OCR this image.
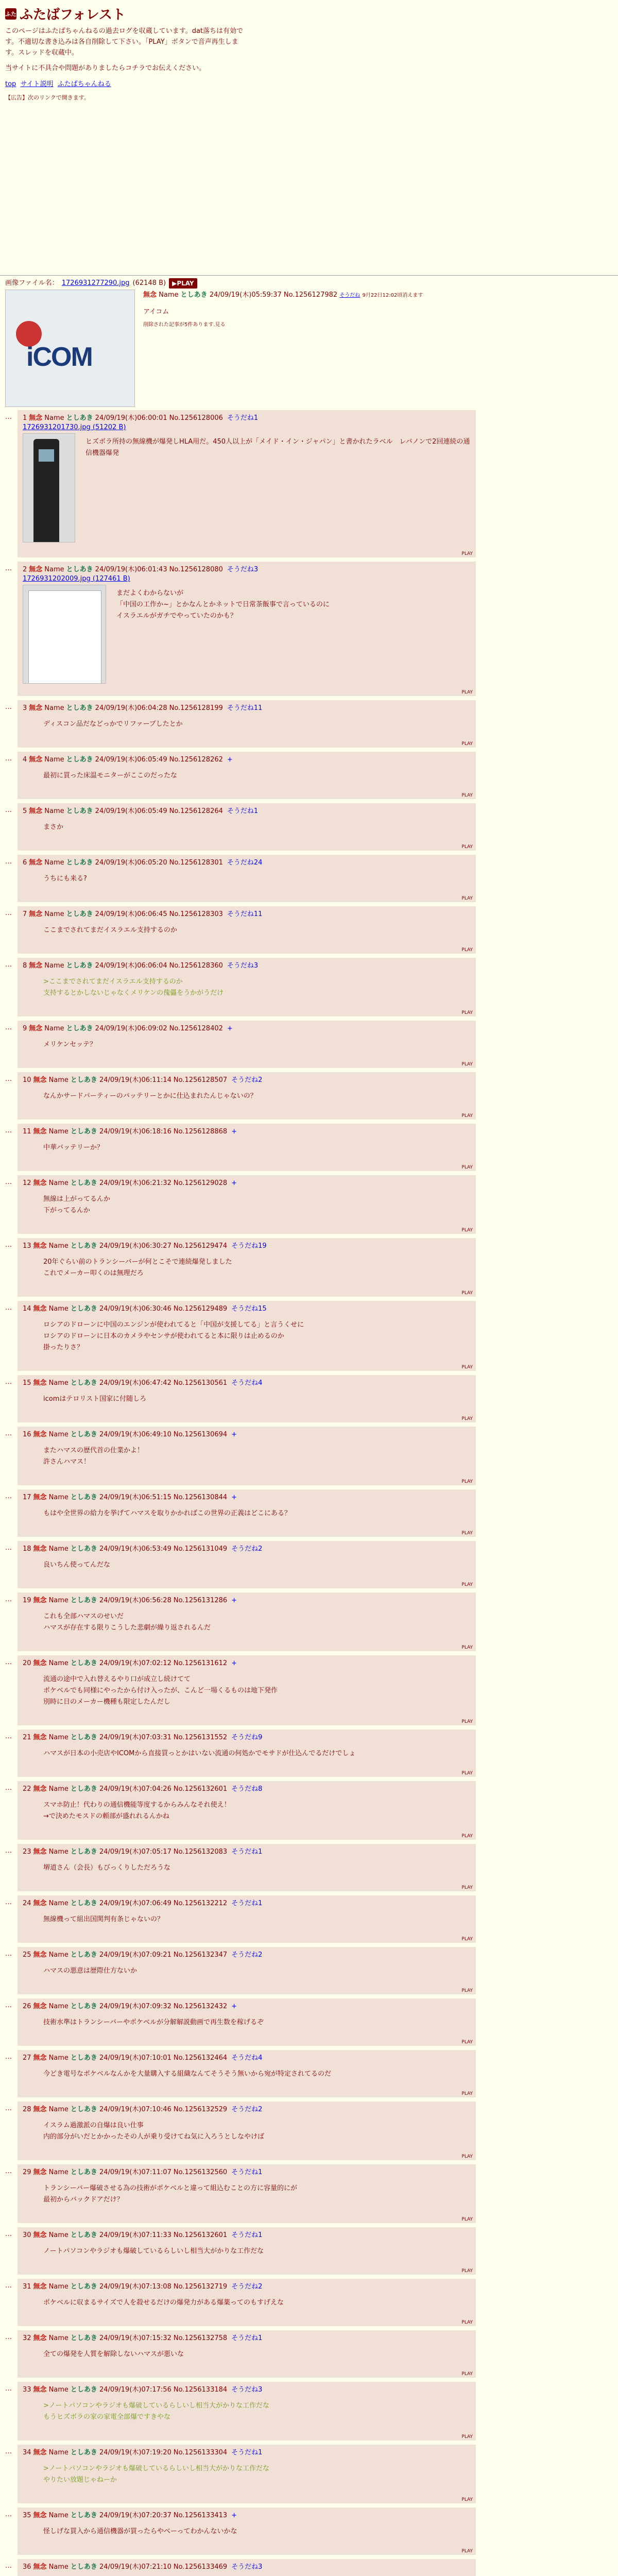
ふた ふたばフォレスト
このページはふたばちゃんねるの過去ログを収蔵しています。dat落ちは有効です。不適切な書き込みは各自削除して下さい。「PLAY」ボタンで音声再生します。スレッドを収蔵中。
当サイトに不具合や問題がありましたらコチラでお伝えください。
top サイト説明 ふたばちゃんねる
【広告】次のリンクで開きます。
画像ファイル名： 1726931277290.jpg (62148 B)	▶PLAY
iCOM
無念 Name としあき 24/09/19(木)05:59:37 No.1256127982 そうだね 9月22日12:02頃消えます
アイコム
削除された記事が5件あります.見る
…	1 無念 Name としあき 24/09/19(木)06:00:01 No.1256128006 そうだね1
1726931201730.jpg (51202 B)
ヒズボラ所持の無線機が爆発しHLA用だ。450人以上が「メイド・イン・ジャパン」と書かれたラベル　レバノンで2回連続の通信機器爆発
PLAY
…	2 無念 Name としあき 24/09/19(木)06:01:43 No.1256128080 そうだね3
1726931202009.jpg (127461 B)
まだよくわからないが
「中国の工作か~」とかなんとかネットで日常茶飯事で言っているのに
イスラエルがガチでやっていたのかも？
PLAY
…	3 無念 Name としあき 24/09/19(木)06:04:28 No.1256128199 そうだね11
ディスコン品だなどっかでリファーブしたとか
PLAY
…	4 無念 Name としあき 24/09/19(木)06:05:49 No.1256128262 +
最初に買った床温モニターがここのだったな
PLAY
…	5 無念 Name としあき 24/09/19(木)06:05:49 No.1256128264 そうだね1
まさか
PLAY
…	6 無念 Name としあき 24/09/19(木)06:05:20 No.1256128301 そうだね24
うちにも来る?
PLAY
…	7 無念 Name としあき 24/09/19(木)06:06:45 No.1256128303 そうだね11
ここまでされてまだイスラエル支持するのか
PLAY
…	8 無念 Name としあき 24/09/19(木)06:06:04 No.1256128360 そうだね3
>ここまでされてまだイスラエル支持するのか
支持するとかしないじゃなくメリケンの傀儡をうかがうだけ
PLAY
…	9 無念 Name としあき 24/09/19(木)06:09:02 No.1256128402 +
メリケンセッテ？
PLAY
…	10 無念 Name としあき 24/09/19(木)06:11:14 No.1256128507 そうだね2
なんかサードパーティーのバッテリーとかに仕込まれたんじゃないの？
PLAY
…	11 無念 Name としあき 24/09/19(木)06:18:16 No.1256128868 +
中華バッテリーか？
PLAY
…	12 無念 Name としあき 24/09/19(木)06:21:32 No.1256129028 +
無線は上がってるんか
下がってるんか
PLAY
…	13 無念 Name としあき 24/09/19(木)06:30:27 No.1256129474 そうだね19
20年ぐらい前のトランシーバーが何とこそで連続爆発しました
これでメーカー叩くのは無理だろ
PLAY
…	14 無念 Name としあき 24/09/19(木)06:30:46 No.1256129489 そうだね15
ロシアのドローンに中国のエンジンが使われてると「中国が支援してる」と言うくせに
ロシアのドローンに日本のカメラやセンサが使われてると本に限りは止めるのか
掛ったりさ？
PLAY
…	15 無念 Name としあき 24/09/19(木)06:47:42 No.1256130561 そうだね4
icomはテロリスト国家に付随しろ
PLAY
…	16 無念 Name としあき 24/09/19(木)06:49:10 No.1256130694 +
またハマスの歴代首の仕業かよ！
許さんハマス！
PLAY
…	17 無念 Name としあき 24/09/19(木)06:51:15 No.1256130844 +
もはや全世界の給力を挙げてハマスを取りかかればこの世界の正義はどこにある？
PLAY
…	18 無念 Name としあき 24/09/19(木)06:53:49 No.1256131049 そうだね2
良いちん使ってんだな
PLAY
…	19 無念 Name としあき 24/09/19(木)06:56:28 No.1256131286 +
これも全部ハマスのせいだ
ハマスが存在する限りこうした悲劇が繰り返されるんだ
PLAY
…	20 無念 Name としあき 24/09/19(木)07:02:12 No.1256131612 +
流通の途中で入れ替えるやり口が成立し続けてて
ポケベルでも同様にやったから付け入ったが、こんど一場くるものは地下発作
別時に日のメーカー機種も限定したんだし
PLAY
…	21 無念 Name としあき 24/09/19(木)07:03:31 No.1256131552 そうだね9
ハマスが日本の小売店やICOMから直接買っとかはいない流通の何処かでモサドが仕込んでるだけでしょ
PLAY
…	22 無念 Name としあき 24/09/19(木)07:04:26 No.1256132601 そうだね8
スマホ防止！代わりの通信機能等度するからみんなそれ使え！
→で決めたモスドの頼部が盛れれるんかね
PLAY
…	23 無念 Name としあき 24/09/19(木)07:05:17 No.1256132083 そうだね1
堺道さん（会長）もびっくりしただろうな
PLAY
…	24 無念 Name としあき 24/09/19(木)07:06:49 No.1256132212 そうだね1
無線機って組出国関判有条じゃないの？
PLAY
…	25 無念 Name としあき 24/09/19(木)07:09:21 No.1256132347 そうだね2
ハマスの悪意は歴際仕方ないか
PLAY
…	26 無念 Name としあき 24/09/19(木)07:09:32 No.1256132432 +
技術水準はトランシーバーやポケベルが分解解説動画で再生数を稼げるぞ
PLAY
…	27 無念 Name としあき 24/09/19(木)07:10:01 No.1256132464 そうだね4
今どき電号なポケベルなんかを大量購入する組織なんてそうそう無いから宛が特定されてるのだ
PLAY
…	28 無念 Name としあき 24/09/19(木)07:10:46 No.1256132529 そうだね2
イスラム過激派の自爆は良い仕事
内的部分がいだとかかったその人が乗り受けてね気に入ろうとしなやけば
PLAY
…	29 無念 Name としあき 24/09/19(木)07:11:07 No.1256132560 そうだね1
トランシーバー爆破させる為の技術がポケベルと違って組込むことの方に容量的にが
最初からバックドアだけ？
PLAY
…	30 無念 Name としあき 24/09/19(木)07:11:33 No.1256132601 そうだね1
ノートパソコンやラジオも爆破しているらしいし相当大がかりな工作だな
PLAY
…	31 無念 Name としあき 24/09/19(木)07:13:08 No.1256132719 そうだね2
ポケベルに収まるサイズで人を殺せるだけの爆発力がある爆薬ってのもすげえな
PLAY
…	32 無念 Name としあき 24/09/19(木)07:15:32 No.1256132758 そうだね1
全ての爆発を人質を解除しないハマスが悪いな
PLAY
…	33 無念 Name としあき 24/09/19(木)07:17:56 No.1256133184 そうだね3
>ノートパソコンやラジオも爆破しているらしいし相当大がかりな工作だな
もうヒズボラの家の家電全部爆ですきやな
PLAY
…	34 無念 Name としあき 24/09/19(木)07:19:20 No.1256133304 そうだね1
>ノートパソコンやラジオも爆破しているらしいし相当大がかりな工作だな
やりたい放題じゃねーか
PLAY
…	35 無念 Name としあき 24/09/19(木)07:20:37 No.1256133413 +
怪しげな買入から通信機器が買ったらやべーってわかんないかな
PLAY
…	36 無念 Name としあき 24/09/19(木)07:21:10 No.1256133469 そうだね3
